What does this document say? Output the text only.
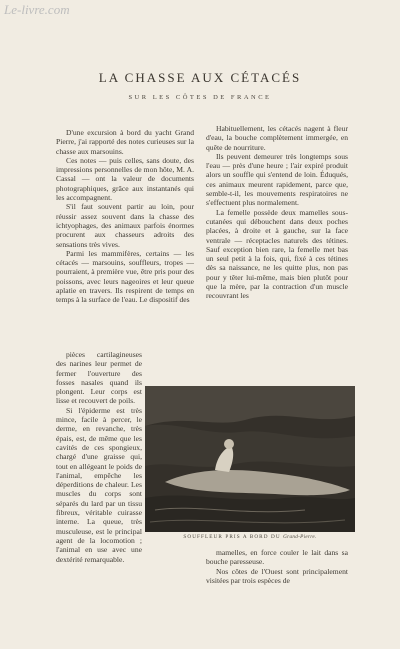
Le-livre.com
LA CHASSE AUX CÉTACÉS
SUR LES CÔTES DE FRANCE

D'une excursion à bord du yacht Grand Pierre, j'ai rapporté des notes curieuses sur la chasse aux marsouins.

Ces notes — puis celles, sans doute, des impressions personnelles de mon hôte, M. A. Cassal — ont la valeur de documents photographiques, grâce aux instantanés qui les accompagnent.

S'il faut souvent partir au loin, pour réussir assez souvent dans la chasse des ichtyophages, des animaux parfois énormes procurent aux chasseurs adroits des sensations très vives.

Parmi les mammifères, certains — les cétacés — marsouins, souffleurs, tropes — pourraient, à première vue, être pris pour des poissons, avec leurs nageoires et leur queue aplatie en travers. Ils respirent de temps en temps à la surface de l'eau. Le dispositif des

pièces cartilagineuses des narines leur permet de fermer l'ouverture des fosses nasales quand ils plongent. Leur corps est lisse et recouvert de poils.

Si l'épiderme est très mince, facile à percer, le derme, en revanche, très épais, est, de même que les cavités de ces spongieux, chargé d'une graisse qui, tout en allégeant le poids de l'animal, empêche les déperditions de chaleur. Les muscles du corps sont séparés du lard par un tissu fibreux, véritable cuirasse interne. La queue, très musculeuse, est le principal agent de la locomotion ; l'animal en use avec une dextérité remarquable.

Habituellement, les cétacés nagent à fleur d'eau, la bouche complètement immergée, en quête de nourriture.

Ils peuvent demeurer très longtemps sous l'eau — près d'une heure ; l'air expiré produit alors un souffle qui s'entend de loin. Éduqués, ces animaux meurent rapidement, parce que, semble-t-il, les mouvements respiratoires ne s'effectuent plus normalement.

La femelle possède deux mamelles sous-cutanées qui débouchent dans deux poches placées, à droite et à gauche, sur la face ventrale — réceptacles naturels des tétines. Sauf exception bien rare, la femelle met bas un seul petit à la fois, qui, fixé à ces tétines dès sa naissance, ne les quitte plus, non pas pour y têter lui-même, mais bien plutôt pour que la mère, par la contraction d'un muscle recouvrant les

SOUFFLEUR PRIS A BORD DU Grand-Pierre.

mamelles, en force couler le lait dans sa bouche paresseuse.

Nos côtes de l'Ouest sont principalement visitées par trois espèces de
